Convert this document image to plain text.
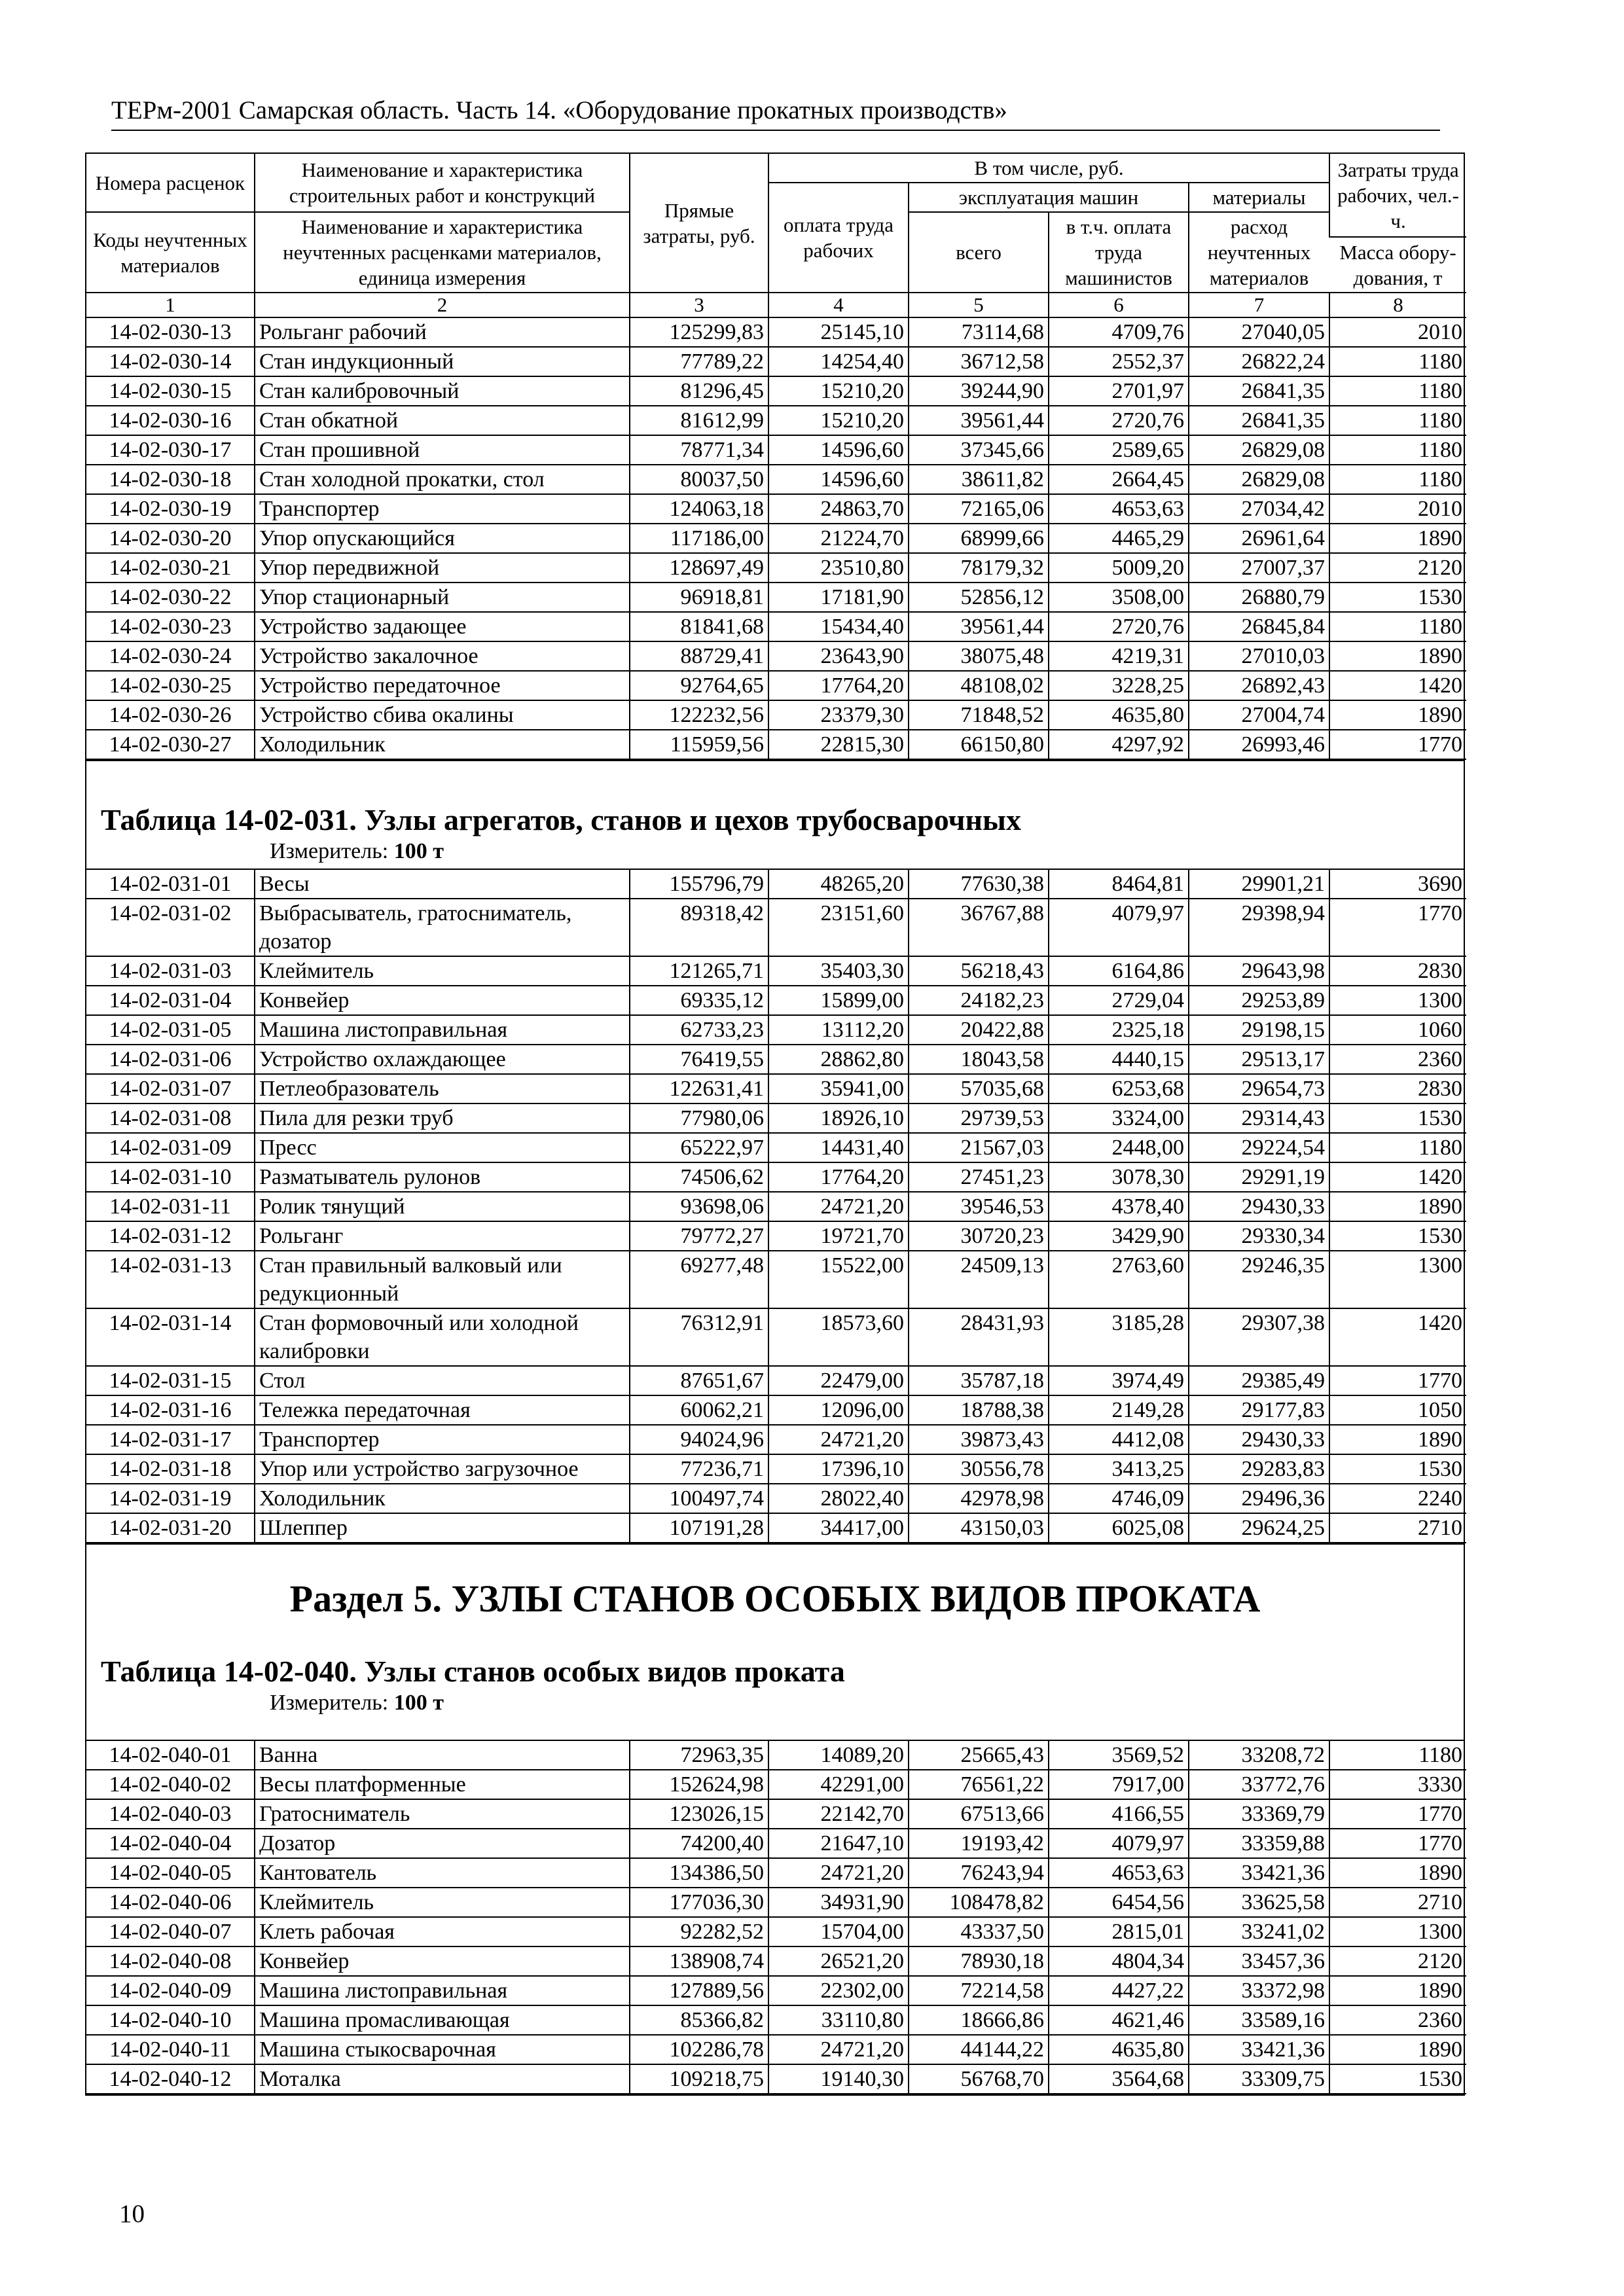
ТЕРм-2001 Самарская область. Часть 14. «Оборудование прокатных производств»
Номера расценок	Наименование и характеристика строительных работ и конструкций	Прямые затраты, руб.	В том числе, руб.				Затраты труда рабочих, чел.-ч.
			оплата труда рабочих	эксплуатация машин		материалы	
Коды неучтенных материалов	Наименование и характеристика неучтенных расценками материалов, единица измерения			всего	в т.ч. оплата труда машинистов	расход неучтенных материалов	
							Масса обору-дования, т
1	2	3	4	5	6	7	8
14-02-030-13	Рольганг рабочий	125299,83	25145,10	73114,68	4709,76	27040,05	2010
14-02-030-14	Стан индукционный	77789,22	14254,40	36712,58	2552,37	26822,24	1180
14-02-030-15	Стан калибровочный	81296,45	15210,20	39244,90	2701,97	26841,35	1180
14-02-030-16	Стан обкатной	81612,99	15210,20	39561,44	2720,76	26841,35	1180
14-02-030-17	Стан прошивной	78771,34	14596,60	37345,66	2589,65	26829,08	1180
14-02-030-18	Стан холодной прокатки, стол	80037,50	14596,60	38611,82	2664,45	26829,08	1180
14-02-030-19	Транспортер	124063,18	24863,70	72165,06	4653,63	27034,42	2010
14-02-030-20	Упор опускающийся	117186,00	21224,70	68999,66	4465,29	26961,64	1890
14-02-030-21	Упор передвижной	128697,49	23510,80	78179,32	5009,20	27007,37	2120
14-02-030-22	Упор стационарный	96918,81	17181,90	52856,12	3508,00	26880,79	1530
14-02-030-23	Устройство задающее	81841,68	15434,40	39561,44	2720,76	26845,84	1180
14-02-030-24	Устройство закалочное	88729,41	23643,90	38075,48	4219,31	27010,03	1890
14-02-030-25	Устройство передаточное	92764,65	17764,20	48108,02	3228,25	26892,43	1420
14-02-030-26	Устройство сбива окалины	122232,56	23379,30	71848,52	4635,80	27004,74	1890
14-02-030-27	Холодильник	115959,56	22815,30	66150,80	4297,92	26993,46	1770
Таблица 14-02-031. Узлы агрегатов, станов и цехов трубосварочных
Измеритель: 100 т
14-02-031-01	Весы	155796,79	48265,20	77630,38	8464,81	29901,21	3690
14-02-031-02	Выбрасыватель, гратосниматель, дозатор	89318,42	23151,60	36767,88	4079,97	29398,94	1770
14-02-031-03	Клеймитель	121265,71	35403,30	56218,43	6164,86	29643,98	2830
14-02-031-04	Конвейер	69335,12	15899,00	24182,23	2729,04	29253,89	1300
14-02-031-05	Машина листоправильная	62733,23	13112,20	20422,88	2325,18	29198,15	1060
14-02-031-06	Устройство охлаждающее	76419,55	28862,80	18043,58	4440,15	29513,17	2360
14-02-031-07	Петлеобразователь	122631,41	35941,00	57035,68	6253,68	29654,73	2830
14-02-031-08	Пила для резки труб	77980,06	18926,10	29739,53	3324,00	29314,43	1530
14-02-031-09	Пресс	65222,97	14431,40	21567,03	2448,00	29224,54	1180
14-02-031-10	Разматыватель рулонов	74506,62	17764,20	27451,23	3078,30	29291,19	1420
14-02-031-11	Ролик тянущий	93698,06	24721,20	39546,53	4378,40	29430,33	1890
14-02-031-12	Рольганг	79772,27	19721,70	30720,23	3429,90	29330,34	1530
14-02-031-13	Стан правильный валковый или редукционный	69277,48	15522,00	24509,13	2763,60	29246,35	1300
14-02-031-14	Стан формовочный или холодной калибровки	76312,91	18573,60	28431,93	3185,28	29307,38	1420
14-02-031-15	Стол	87651,67	22479,00	35787,18	3974,49	29385,49	1770
14-02-031-16	Тележка передаточная	60062,21	12096,00	18788,38	2149,28	29177,83	1050
14-02-031-17	Транспортер	94024,96	24721,20	39873,43	4412,08	29430,33	1890
14-02-031-18	Упор или устройство загрузочное	77236,71	17396,10	30556,78	3413,25	29283,83	1530
14-02-031-19	Холодильник	100497,74	28022,40	42978,98	4746,09	29496,36	2240
14-02-031-20	Шлеппер	107191,28	34417,00	43150,03	6025,08	29624,25	2710
Раздел 5. УЗЛЫ СТАНОВ ОСОБЫХ ВИДОВ ПРОКАТА
Таблица 14-02-040. Узлы станов особых видов проката
Измеритель: 100 т
14-02-040-01	Ванна	72963,35	14089,20	25665,43	3569,52	33208,72	1180
14-02-040-02	Весы платформенные	152624,98	42291,00	76561,22	7917,00	33772,76	3330
14-02-040-03	Гратосниматель	123026,15	22142,70	67513,66	4166,55	33369,79	1770
14-02-040-04	Дозатор	74200,40	21647,10	19193,42	4079,97	33359,88	1770
14-02-040-05	Кантователь	134386,50	24721,20	76243,94	4653,63	33421,36	1890
14-02-040-06	Клеймитель	177036,30	34931,90	108478,82	6454,56	33625,58	2710
14-02-040-07	Клеть рабочая	92282,52	15704,00	43337,50	2815,01	33241,02	1300
14-02-040-08	Конвейер	138908,74	26521,20	78930,18	4804,34	33457,36	2120
14-02-040-09	Машина листоправильная	127889,56	22302,00	72214,58	4427,22	33372,98	1890
14-02-040-10	Машина промасливающая	85366,82	33110,80	18666,86	4621,46	33589,16	2360
14-02-040-11	Машина стыкосварочная	102286,78	24721,20	44144,22	4635,80	33421,36	1890
14-02-040-12	Моталка	109218,75	19140,30	56768,70	3564,68	33309,75	1530
10
